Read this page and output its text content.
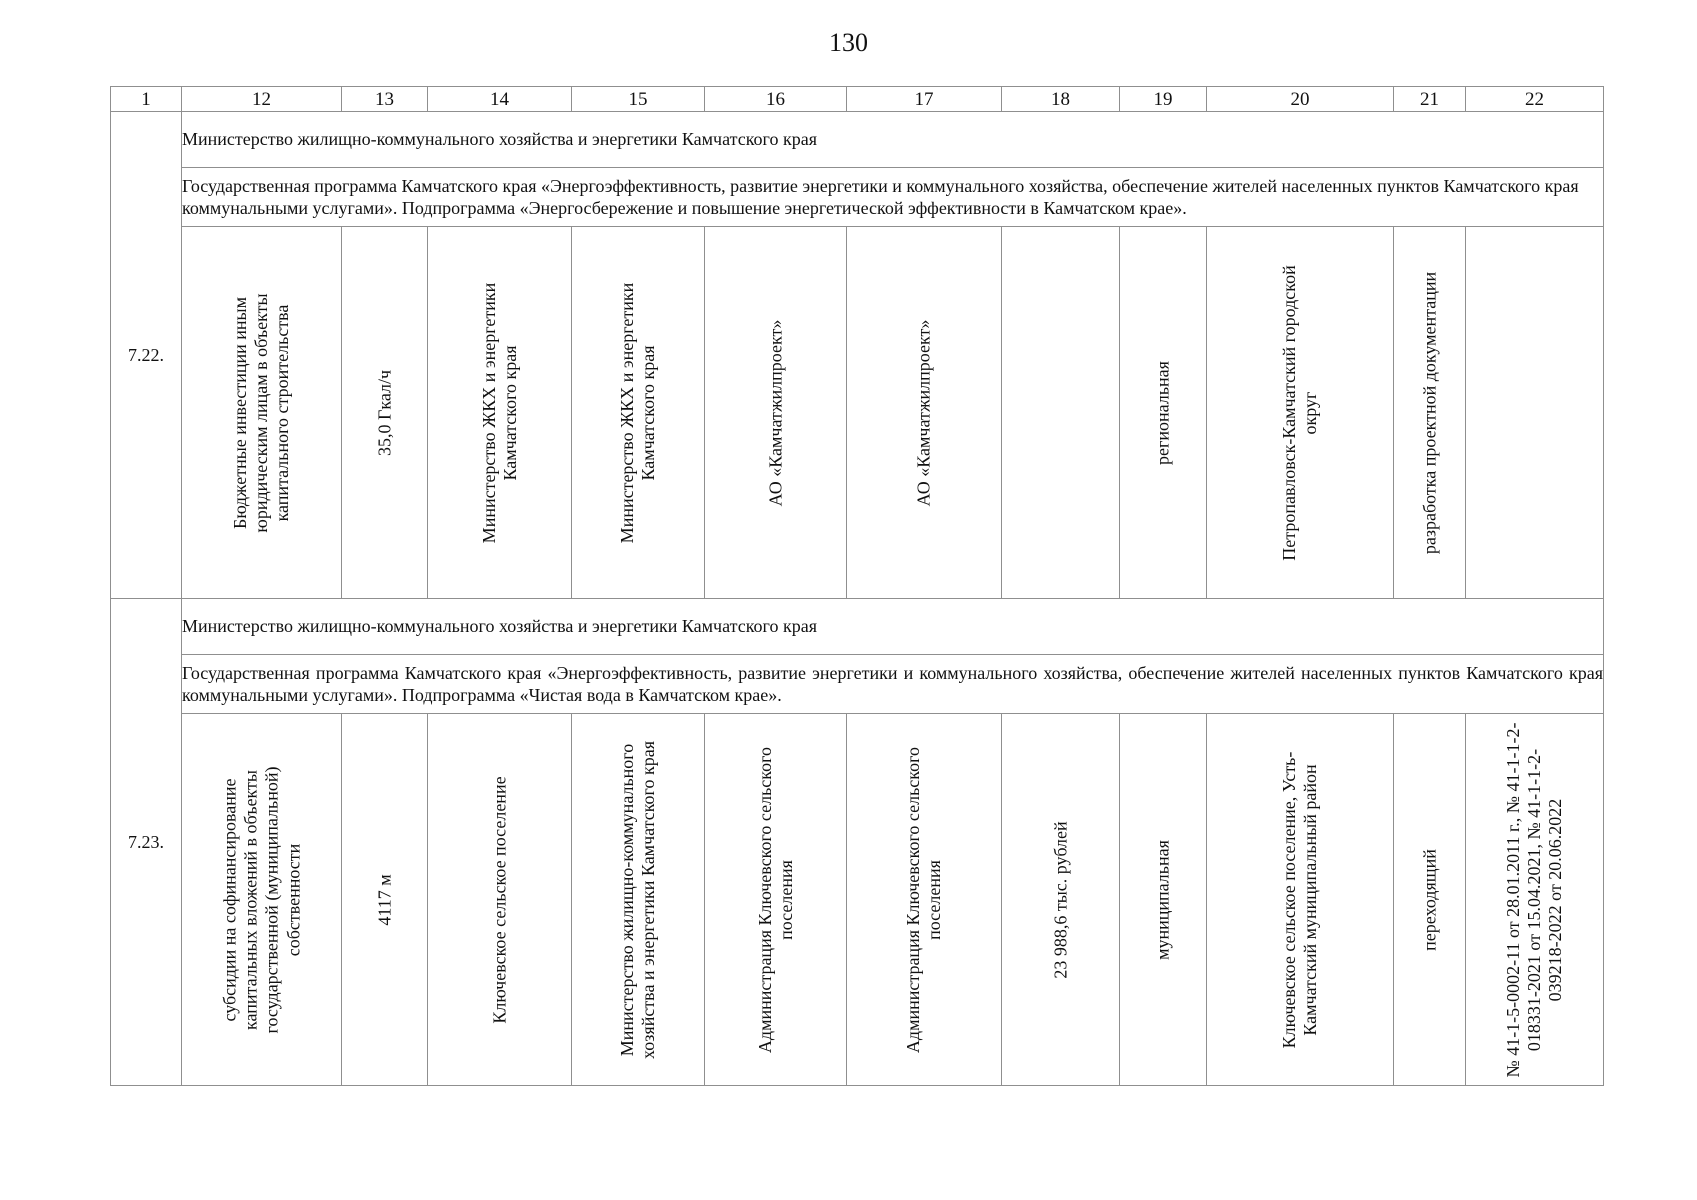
130
1	12	13	14	15	16	17	18	19	20	21	22
7.22.	Министерство жилищно-коммунального хозяйства и энергетики Камчатского края										
	Государственная программа Камчатского края «Энергоэффективность, развитие энергетики и коммунального хозяйства, обеспечение жителей населенных пунктов Камчатского края коммунальными услугами». Подпрограмма «Энергосбережение и повышение энергетической эффективности в Камчатском крае».										

	Бюджетные инвестиции иным юридическим лицам в объекты капитального строительства	35,0 Гкал/ч	Министерство ЖКХ и энергетики Камчатского края	Министерство ЖКХ и энергетики Камчатского края	АО «Камчатжилпроект»	АО «Камчатжилпроект»		региональная	Петропавловск-Камчатский городской округ	разработка проектной документации	

7.23.	Министерство жилищно-коммунального хозяйства и энергетики Камчатского края										
	Государственная программа Камчатского края «Энергоэффективность, развитие энергетики и коммунального хозяйства, обеспечение жителей населенных пунктов Камчатского края коммунальными услугами». Подпрограмма «Чистая вода в Камчатском крае».										

	субсидии на софинансирование капитальных вложений в объекты государственной (муниципальной) собственности	4117 м	Ключевское сельское поселение	Министерство жилищно-коммунального хозяйства и энергетики Камчатского края	Администрация Ключевского сельского поселения	Администрация Ключевского сельского поселения	23 988,6 тыс. рублей	муниципальная	Ключевское сельское поселение, Усть-Камчатский муниципальный район	переходящий	№ 41-1-5-0002-11 от 28.01.2011 г., № 41-1-1-2-018331-2021 от 15.04.2021, № 41-1-1-2-039218-2022 от 20.06.2022
